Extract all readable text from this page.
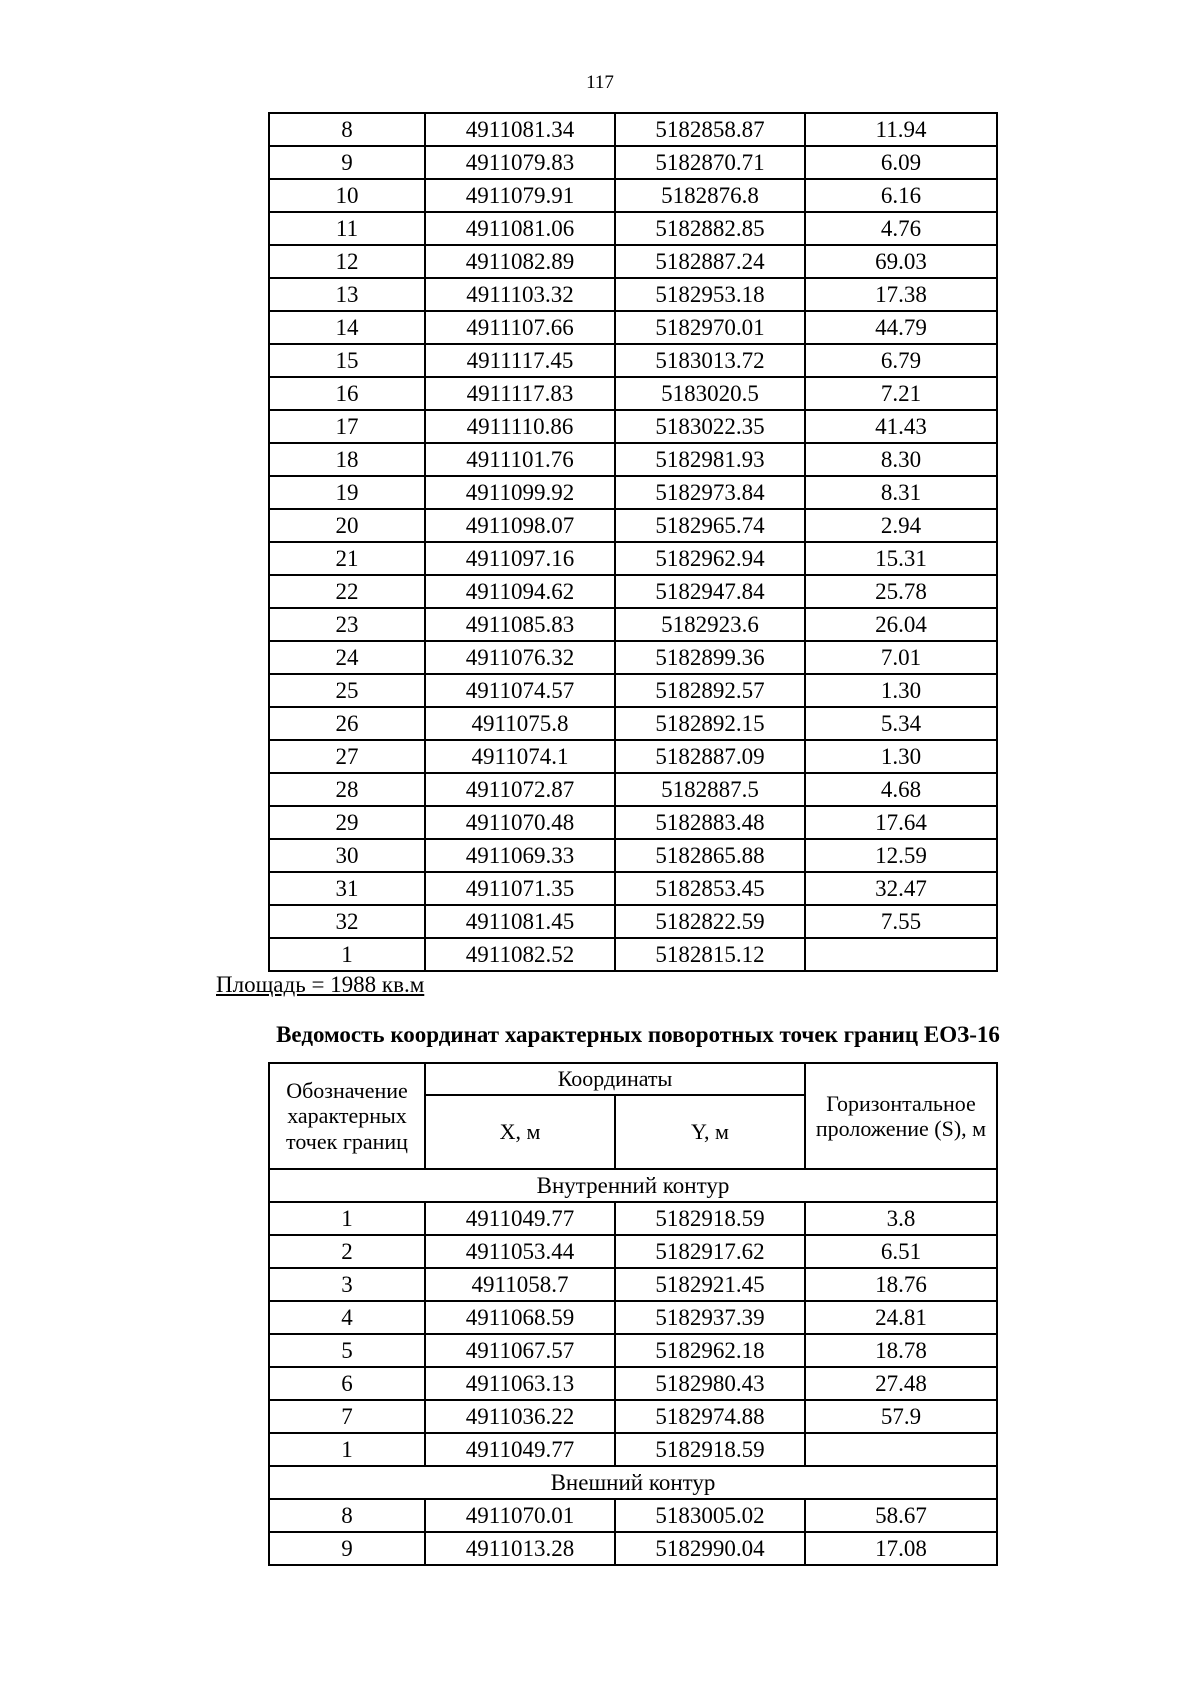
117
8	4911081.34	5182858.87	11.94
9	4911079.83	5182870.71	6.09
10	4911079.91	5182876.8	6.16
11	4911081.06	5182882.85	4.76
12	4911082.89	5182887.24	69.03
13	4911103.32	5182953.18	17.38
14	4911107.66	5182970.01	44.79
15	4911117.45	5183013.72	6.79
16	4911117.83	5183020.5	7.21
17	4911110.86	5183022.35	41.43
18	4911101.76	5182981.93	8.30
19	4911099.92	5182973.84	8.31
20	4911098.07	5182965.74	2.94
21	4911097.16	5182962.94	15.31
22	4911094.62	5182947.84	25.78
23	4911085.83	5182923.6	26.04
24	4911076.32	5182899.36	7.01
25	4911074.57	5182892.57	1.30
26	4911075.8	5182892.15	5.34
27	4911074.1	5182887.09	1.30
28	4911072.87	5182887.5	4.68
29	4911070.48	5182883.48	17.64
30	4911069.33	5182865.88	12.59
31	4911071.35	5182853.45	32.47
32	4911081.45	5182822.59	7.55
1	4911082.52	5182815.12	
Площадь = 1988 кв.м
Ведомость координат характерных поворотных точек границ ЕОЗ-16
Обозначение характерных точек границ	Координаты		Горизонтальное проложение (S), м
	X, м	Y, м	
Внутренний контур			
1	4911049.77	5182918.59	3.8
2	4911053.44	5182917.62	6.51
3	4911058.7	5182921.45	18.76
4	4911068.59	5182937.39	24.81
5	4911067.57	5182962.18	18.78
6	4911063.13	5182980.43	27.48
7	4911036.22	5182974.88	57.9
1	4911049.77	5182918.59	
Внешний контур			
8	4911070.01	5183005.02	58.67
9	4911013.28	5182990.04	17.08
